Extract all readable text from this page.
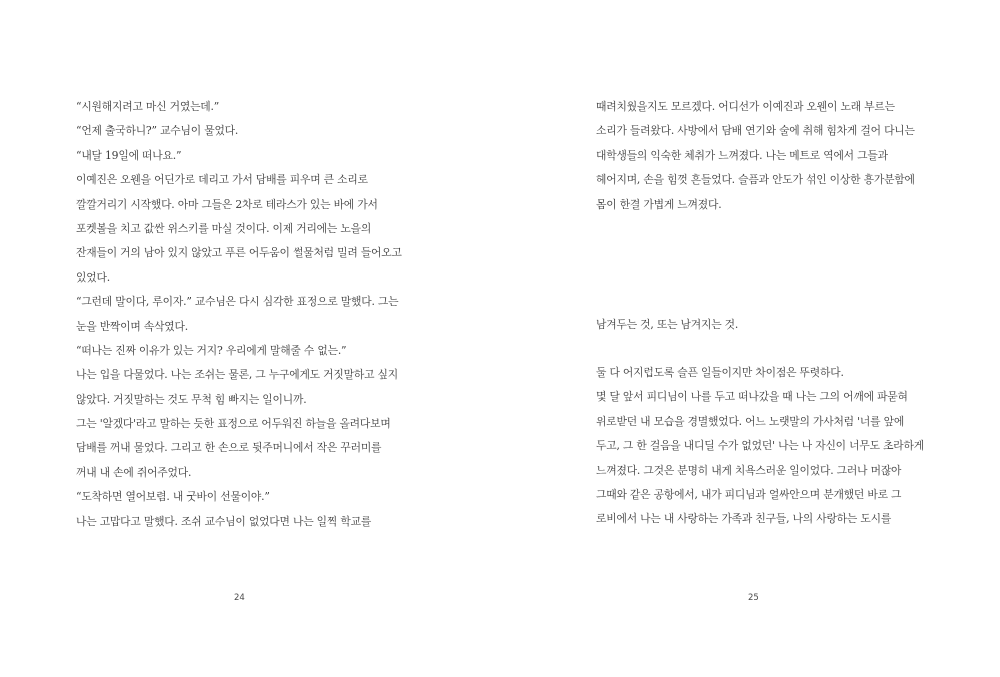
“시원해지려고 마신 거였는데.”
“언제 출국하니?” 교수님이 물었다.
“내달 19일에 떠나요.”
이예진은 오웬을 어딘가로 데리고 가서 담배를 피우며 큰 소리로
깔깔거리기 시작했다. 아마 그들은 2차로 테라스가 있는 바에 가서
포켓볼을 치고 값싼 위스키를 마실 것이다. 이제 거리에는 노을의
잔재들이 거의 남아 있지 않았고 푸른 어두움이 썰물처럼 밀려 들어오고
있었다.
“그런데 말이다, 루이자.” 교수님은 다시 심각한 표정으로 말했다. 그는
눈을 반짝이며 속삭였다.
“떠나는 진짜 이유가 있는 거지? 우리에게 말해줄 수 없는.”
나는 입을 다물었다. 나는 조쉬는 물론, 그 누구에게도 거짓말하고 싶지
않았다. 거짓말하는 것도 무척 힘 빠지는 일이니까.
그는 '알겠다'라고 말하는 듯한 표정으로 어두워진 하늘을 올려다보며
담배를 꺼내 물었다. 그리고 한 손으로 뒷주머니에서 작은 꾸러미를
꺼내 내 손에 쥐어주었다.
“도착하면 열어보렴. 내 굿바이 선물이야.”
나는 고맙다고 말했다. 조쉬 교수님이 없었다면 나는 일찍 학교를
24
때려치웠을지도 모르겠다. 어디선가 이예진과 오웬이 노래 부르는
소리가 들려왔다. 사방에서 담배 연기와 술에 취해 힘차게 걸어 다니는
대학생들의 익숙한 체취가 느껴졌다. 나는 메트로 역에서 그들과
헤어지며, 손을 힘껏 흔들었다. 슬픔과 안도가 섞인 이상한 흥가분함에
몸이 한결 가볍게 느껴졌다.
남겨두는 것, 또는 남겨지는 것.
둘 다 어지럽도록 슬픈 일들이지만 차이점은 뚜렷하다.
몇 달 앞서 피디님이 나를 두고 떠나갔을 때 나는 그의 어깨에 파묻혀
위로받던 내 모습을 경멸했었다. 어느 노랫말의 가사처럼 '너를 앞에
두고, 그 한 걸음을 내디딜 수가 없었던' 나는 나 자신이 너무도 초라하게
느껴졌다. 그것은 분명히 내게 치욕스러운 일이었다. 그러나 머잖아
그때와 같은 공항에서, 내가 피디님과 얼싸안으며 분개했던 바로 그
로비에서 나는 내 사랑하는 가족과 친구들, 나의 사랑하는 도시를
25
